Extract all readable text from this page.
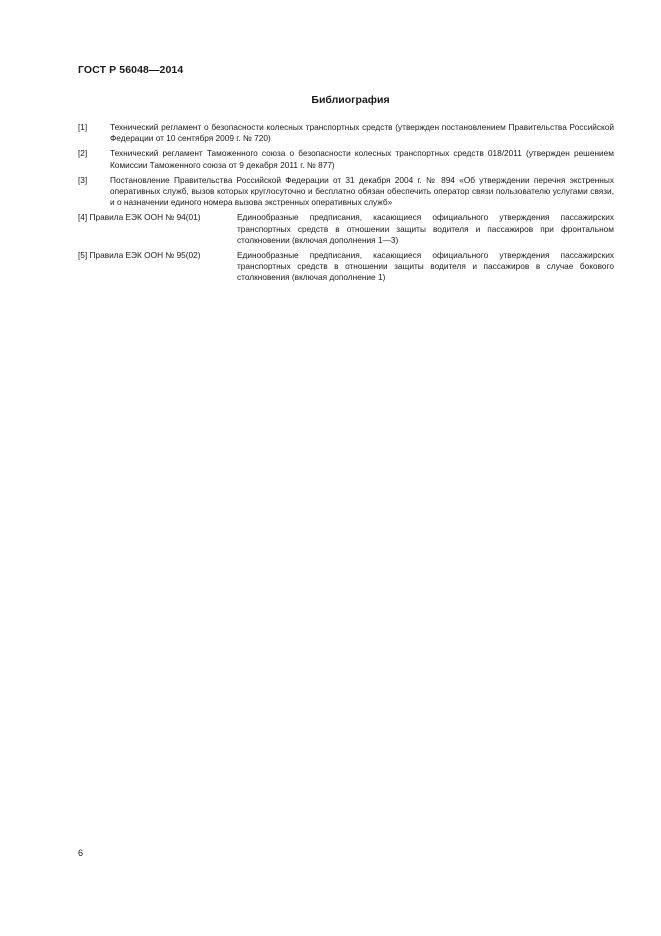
ГОСТ Р 56048—2014
Библиография
[1]	Технический регламент о безопасности колесных транспортных средств (утвержден постановлением Правительства Российской Федерации от 10 сентября 2009 г. № 720)
[2]	Технический регламент Таможенного союза о безопасности колесных транспортных средств 018/2011 (утвержден решением Комиссии Таможенного союза от 9 декабря 2011 г. № 877)
[3]	Постановление Правительства Российской Федерации от 31 декабря 2004 г. № 894 «Об утверждении перечня экстренных оперативных служб, вызов которых круглосуточно и бесплатно обязан обеспечить оператор связи пользователю услугами связи, и о назначении единого номера вызова экстренных оперативных служб»
[4] Правила ЕЭК ООН № 94(01)	Единообразные предписания, касающиеся официального утверждения пассажирских транспортных средств в отношении защиты водителя и пассажиров при фронтальном столкновении (включая дополнения 1—3)
[5] Правила ЕЭК ООН № 95(02)	Единообразные предписания, касающиеся официального утверждения пассажирских транспортных средств в отношении защиты водителя и пассажиров в случае бокового столкновения (включая дополнение 1)
6
